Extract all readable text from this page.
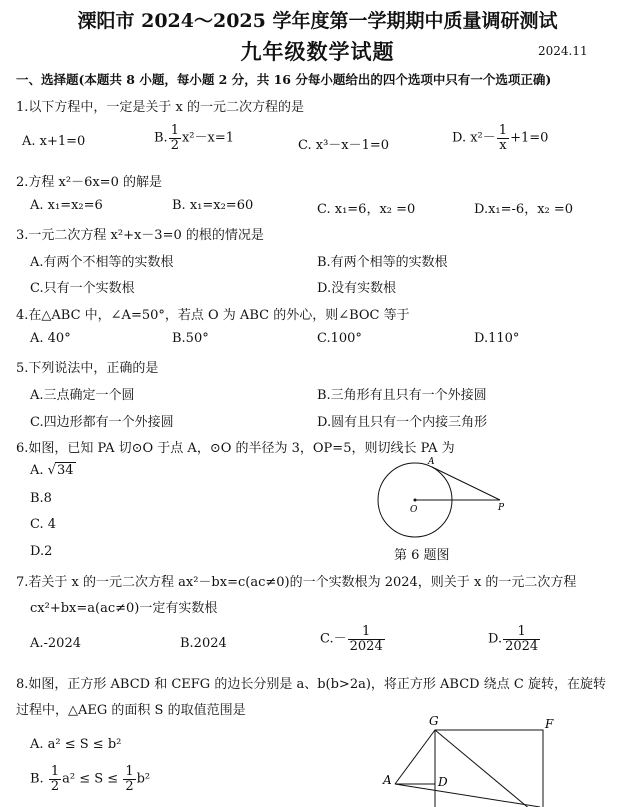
溧阳市 2024～2025 学年度第一学期期中质量调研测试
九年级数学试题	2024.11
一、选择题(本题共 8 小题，每小题 2 分，共 16 分每小题给出的四个选项中只有一个选项正确)
1.以下方程中，一定是关于 x 的一元二次方程的是
A. x+1=0	B. $\frac{1}{2} x^2-x=1$	C. x³－x－1=0	D. $x^2- \frac{1}{x} +1=0$
2.方程 x²－6x=0 的解是
A. x₁=x₂=6	B. x₁=x₂=60	C. x₁=6，x₂ =0	D.x₁=-6，x₂ =0
3.一元二次方程 x²+x－3=0 的根的情况是
A.有两个不相等的实数根	B.有两个相等的实数根
C.只有一个实数根	D.没有实数根
4.在△ABC 中，∠A=50°，若点 O 为 ABC 的外心，则∠BOC 等于
A. 40°	B.50°	C.100°	D.110°
5.下列说法中，正确的是
A.三点确定一个圆	B.三角形有且只有一个外接圆
C.四边形都有一个外接圆	D.圆有且只有一个内接三角形
6.如图，已知 PA 切⊙O 于点 A，⊙O 的半径为 3，OP=5，则切线长 PA 为
A. √34
B.8
C. 4
D.2
A
O	P
第 6 题图
7.若关于 x 的一元二次方程 ax²－bx=c(ac≠0)的一个实数根为 2024，则关于 x 的一元二次方程
cx²+bx=a(ac≠0)一定有实数根
A.-2024	B.2024	$C.- \frac{1}{2024}$	D. $\frac{1}{2024}$
8.如图，正方形 ABCD 和 CEFG 的边长分别是 a、b(b>2a)，将正方形 ABCD 绕点 C 旋转，在旋转
过程中，△AEG 的面积 S 的取值范围是
A. a² ≤ S ≤ b²
B. $\frac{1}{2} a^2 \le S \le \frac{1}{2} b^2$
G	F
A	D
